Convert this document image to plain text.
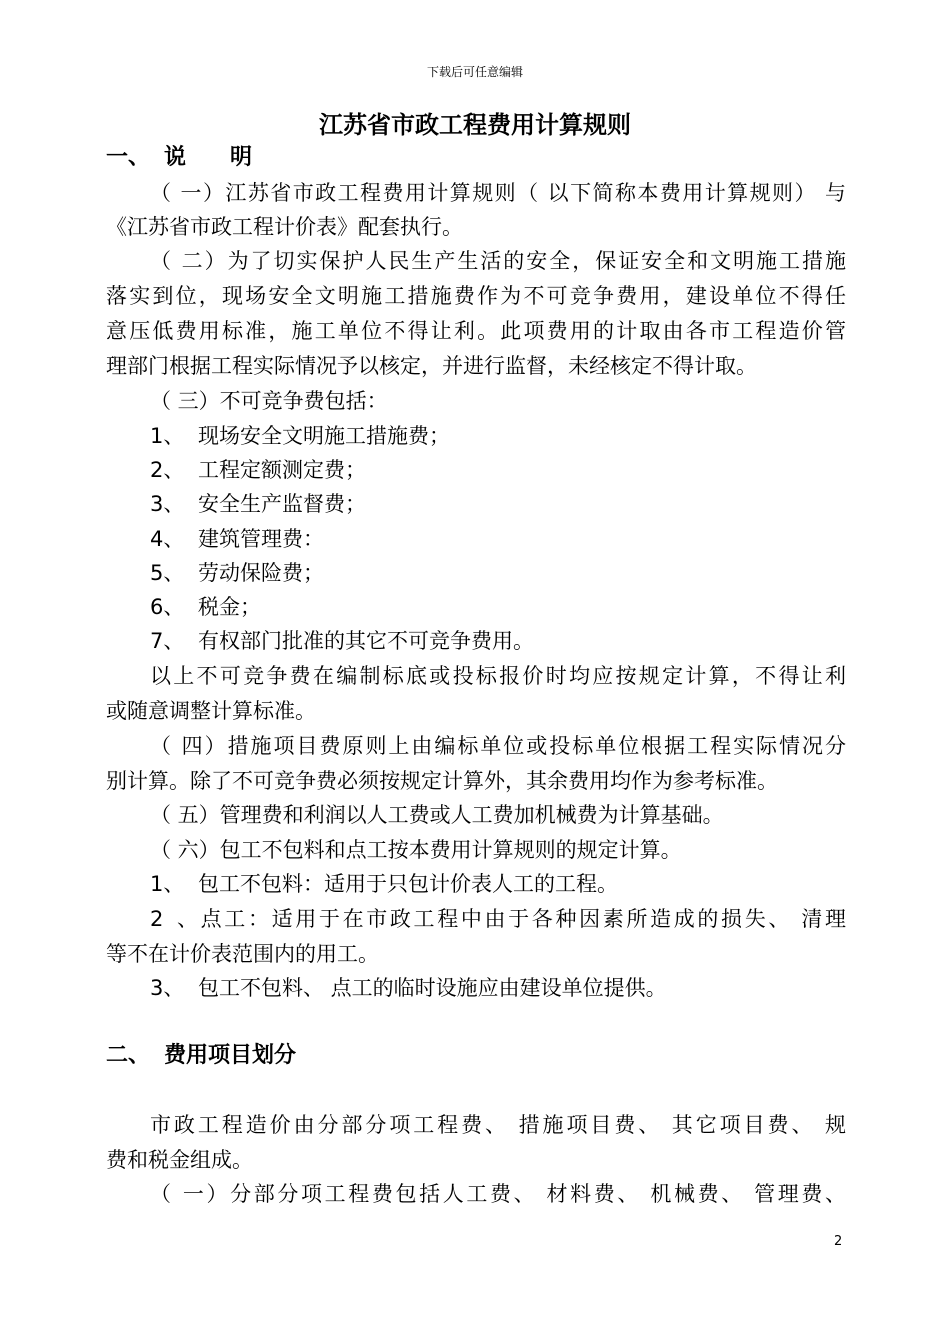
下载后可任意编辑
江苏省市政工程费用计算规则
一、 说　　明
（ 一）江苏省市政工程费用计算规则（ 以下简称本费用计算规则） 与
《江苏省市政工程计价表》配套执行。
（ 二）为了切实保护人民生产生活的安全，保证安全和文明施工措施
落实到位，现场安全文明施工措施费作为不可竞争费用，建设单位不得任
意压低费用标准，施工单位不得让利。此项费用的计取由各市工程造价管
理部门根据工程实际情况予以核定，并进行监督，未经核定不得计取。
（ 三）不可竞争费包括：
1、 现场安全文明施工措施费；
2、 工程定额测定费；
3、 安全生产监督费；
4、 建筑管理费：
5、 劳动保险费；
6、 税金；
7、 有权部门批准的其它不可竞争费用。
以上不可竞争费在编制标底或投标报价时均应按规定计算，不得让利
或随意调整计算标准。
（ 四）措施项目费原则上由编标单位或投标单位根据工程实际情况分
别计算。除了不可竞争费必须按规定计算外，其余费用均作为参考标准。
（ 五）管理费和利润以人工费或人工费加机械费为计算基础。
（ 六）包工不包料和点工按本费用计算规则的规定计算。
1、 包工不包料：适用于只包计价表人工的工程。
2、点工：适用于在市政工程中由于各种因素所造成的损失、 清理
等不在计价表范围内的用工。
3、 包工不包料、 点工的临时设施应由建设单位提供。
二、 费用项目划分
市政工程造价由分部分项工程费、 措施项目费、 其它项目费、 规
费和税金组成。
（ 一）分部分项工程费包括人工费、 材料费、 机械费、 管理费、
2
